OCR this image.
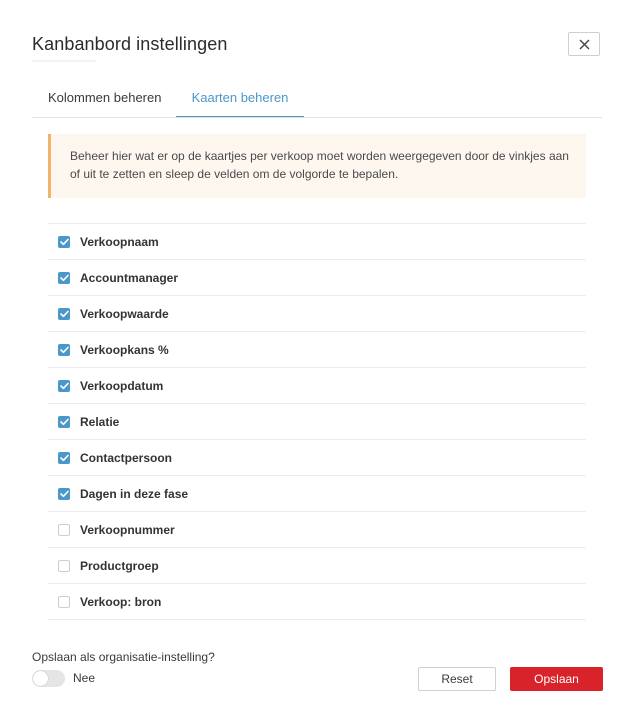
Kanbanbord instellingen
Kolommen beheren	Kaarten beheren
Beheer hier wat er op de kaartjes per verkoop moet worden weergegeven door de vinkjes aan of uit te zetten en sleep de velden om de volgorde te bepalen.
Verkoopnaam
Accountmanager
Verkoopwaarde
Verkoopkans %
Verkoopdatum
Relatie
Contactpersoon
Dagen in deze fase
Verkoopnummer
Productgroep
Verkoop: bron
Opslaan als organisatie-instelling?
Nee	Reset	Opslaan
